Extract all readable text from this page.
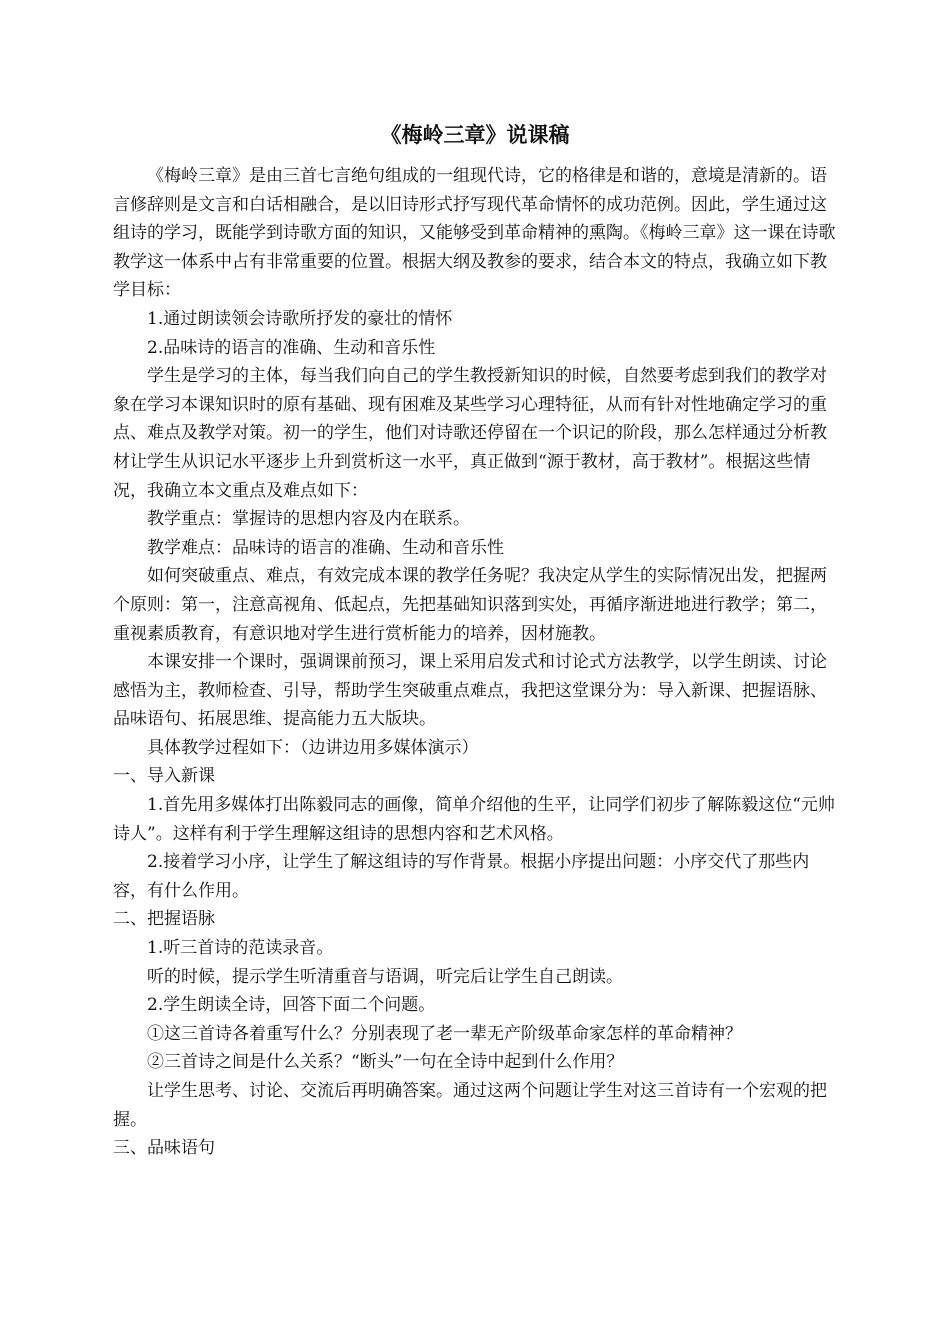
《梅岭三章》说课稿

《梅岭三章》是由三首七言绝句组成的一组现代诗，它的格律是和谐的，意境是清新的。语言修辞则是文言和白话相融合，是以旧诗形式抒写现代革命情怀的成功范例。因此，学生通过这组诗的学习，既能学到诗歌方面的知识，又能够受到革命精神的熏陶。《梅岭三章》这一课在诗歌教学这一体系中占有非常重要的位置。根据大纲及教参的要求，结合本文的特点，我确立如下教学目标：

1.通过朗读领会诗歌所抒发的豪壮的情怀

2.品味诗的语言的准确、生动和音乐性

学生是学习的主体，每当我们向自己的学生教授新知识的时候，自然要考虑到我们的教学对象在学习本课知识时的原有基础、现有困难及某些学习心理特征，从而有针对性地确定学习的重点、难点及教学对策。初一的学生，他们对诗歌还停留在一个识记的阶段，那么怎样通过分析教材让学生从识记水平逐步上升到赏析这一水平，真正做到“源于教材，高于教材”。根据这些情况，我确立本文重点及难点如下：

教学重点：掌握诗的思想内容及内在联系。

教学难点：品味诗的语言的准确、生动和音乐性

如何突破重点、难点，有效完成本课的教学任务呢？我决定从学生的实际情况出发，把握两个原则：第一，注意高视角、低起点，先把基础知识落到实处，再循序渐进地进行教学；第二，重视素质教育，有意识地对学生进行赏析能力的培养，因材施教。

本课安排一个课时，强调课前预习，课上采用启发式和讨论式方法教学，以学生朗读、讨论感悟为主，教师检查、引导，帮助学生突破重点难点，我把这堂课分为：导入新课、把握语脉、品味语句、拓展思维、提高能力五大版块。

具体教学过程如下：（边讲边用多媒体演示）

一、导入新课

1.首先用多媒体打出陈毅同志的画像，简单介绍他的生平，让同学们初步了解陈毅这位“元帅诗人”。这样有利于学生理解这组诗的思想内容和艺术风格。

2.接着学习小序，让学生了解这组诗的写作背景。根据小序提出问题：小序交代了那些内容，有什么作用。

二、把握语脉

1.听三首诗的范读录音。

听的时候，提示学生听清重音与语调，听完后让学生自己朗读。

2.学生朗读全诗，回答下面二个问题。

①这三首诗各着重写什么？分别表现了老一辈无产阶级革命家怎样的革命精神？

②三首诗之间是什么关系？“断头”一句在全诗中起到什么作用？

让学生思考、讨论、交流后再明确答案。通过这两个问题让学生对这三首诗有一个宏观的把握。

三、品味语句
